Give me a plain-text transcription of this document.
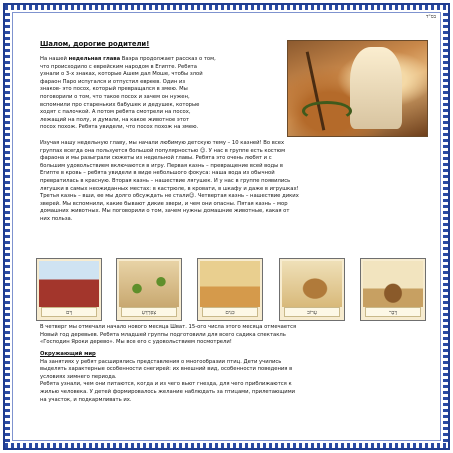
בס"ד
Шалом, дорогие родители!
На нашей недельная глава Ваэра продолжает рассказ о том,
что происходило с еврейским народом в Египте. Ребята
узнали о 3-х знаках, которые Ашем дал Моше, чтобы злой
фараон Паро испугался и отпустил евреев. Один из
знаков- это посох, который превращался в змею. Мы
поговорили о том, что такое посох и зачем он нужен,
вспомнили про стареньких бабушек и дедушек, которые
ходят с палочкой. А потом ребята смотрели на посох,
лежащий на полу, и думали, на какое животное этот
посох похож. Ребята увидели, что посох похож на змею.
Изучая нашу недельную главу, мы начали любимую детскую тему – 10 казней! Во всех
группах всегда она пользуется большой популярностью ☺. У нас в группе есть костюм
фараона и мы разыграли сюжеты из недельной главы. Ребята это очень любят и с
большим удовольствием включаются в игру. Первая казнь – превращение всей воды в
Египте в кровь – ребята увидели в виде небольшого фокуса: наша вода из обычной
превратилась в красную. Вторая казнь – нашествие лягушек. И у нас в группе появились
лягушки в самых неожиданных местах: в кастрюле, в кровати, в шкафу и даже в игрушках!
Третья казнь – вши, ее мы долго обсуждать не стали☺. Четвертая казнь – нашествие диких
зверей. Мы вспомнили, какие бывают дикие звери, и чем они опасны. Пятая казнь – мор
домашних животных. Мы поговорили о том, зачем нужны домашние животные, какая от
них польза.
דָּם	צְפַרְדֵּעַ	כִּנִּים	עָרוֹב	דֶּבֶר
В четверг мы отмечали начало нового месяца Шват. 15-ого числа этого месяца отмечается
Новый год деревьев. Ребята младшей группы подготовили для всего садика спектакль
«Господин Яроки дерево». Мы все его с удовольствием посмотрели!
Окружающий мир
На занятиях у ребят расширялись представления о многообразии птиц. Дети учились
выделять характерные особенности снегирей: их внешний вид, особенности поведения в
условиях зимнего периода.
Ребята узнали, чем они питаются, когда и из чего вьют гнезда, для чего приближаются к
жилью человека. У детей формировалось желание наблюдать за птицами, прилетающими
на участок, и подкармливать их.
